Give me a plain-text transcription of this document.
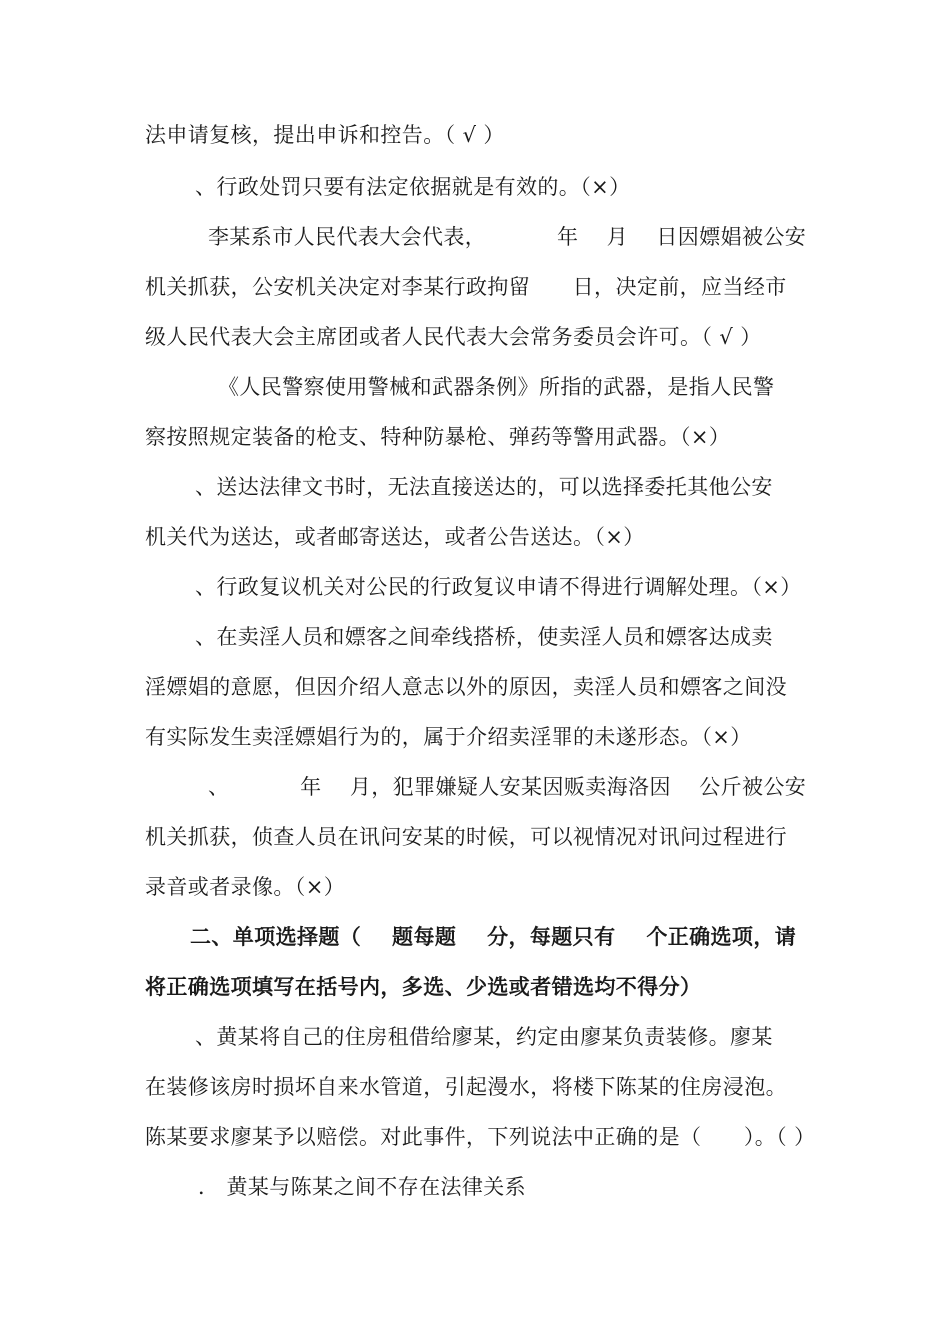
法申请复核，提出申诉和控告。（ √ ）
、行政处罚只要有法定依据就是有效的。（×）
李某系市人民代表大会代表，          年    月    日因嫖娼被公安
机关抓获，公安机关决定对李某行政拘留      日，决定前，应当经市
级人民代表大会主席团或者人民代表大会常务委员会许可。（ √ ）
《人民警察使用警械和武器条例》所指的武器，是指人民警
察按照规定装备的枪支、特种防暴枪、弹药等警用武器。（×）
、送达法律文书时，无法直接送达的，可以选择委托其他公安
机关代为送达，或者邮寄送达，或者公告送达。（×）
、行政复议机关对公民的行政复议申请不得进行调解处理。（×）
、在卖淫人员和嫖客之间牵线搭桥，使卖淫人员和嫖客达成卖
淫嫖娼的意愿，但因介绍人意志以外的原因，卖淫人员和嫖客之间没
有实际发生卖淫嫖娼行为的，属于介绍卖淫罪的未遂形态。（×）
、          年    月，犯罪嫌疑人安某因贩卖海洛因    公斤被公安
机关抓获，侦查人员在讯问安某的时候，可以视情况对讯问过程进行
录音或者录像。（×）
二、单项选择题（    题每题    分，每题只有    个正确选项，请
将正确选项填写在括号内，多选、少选或者错选均不得分）
、黄某将自己的住房租借给廖某，约定由廖某负责装修。廖某
在装修该房时损坏自来水管道，引起漫水，将楼下陈某的住房浸泡。
陈某要求廖某予以赔偿。对此事件，下列说法中正确的是（      ）。（ ）
． 黄某与陈某之间不存在法律关系
